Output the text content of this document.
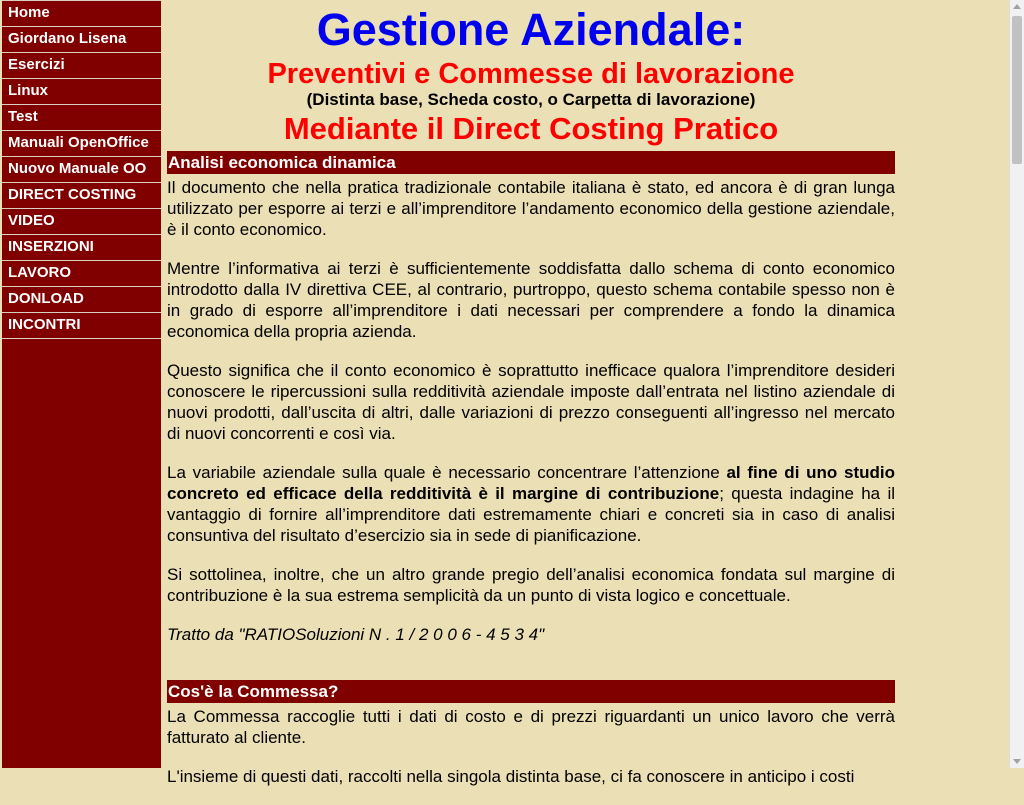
Home
Giordano Lisena
Esercizi
Linux
Test
Manuali OpenOffice
Nuovo Manuale OO
DIRECT COSTING
VIDEO
INSERZIONI
LAVORO
DONLOAD
INCONTRI
Gestione Aziendale:
Preventivi e Commesse di lavorazione
(Distinta base, Scheda costo, o Carpetta di lavorazione)
Mediante il Direct Costing Pratico
Analisi economica dinamica

Il documento che nella pratica tradizionale contabile italiana è stato, ed ancora è di gran lunga utilizzato per esporre ai terzi e all’imprenditore l’andamento economico della gestione aziendale, è il conto economico.

Mentre l’informativa ai terzi è sufficientemente soddisfatta dallo schema di conto economico introdotto dalla IV direttiva CEE, al contrario, purtroppo, questo schema contabile spesso non è in grado di esporre all’imprenditore i dati necessari per comprendere a fondo la dinamica economica della propria azienda.

Questo significa che il conto economico è soprattutto inefficace qualora l’imprenditore desideri conoscere le ripercussioni sulla redditività aziendale imposte dall’entrata nel listino aziendale di nuovi prodotti, dall’uscita di altri, dalle variazioni di prezzo conseguenti all’ingresso nel mercato di nuovi concorrenti e così via.

La variabile aziendale sulla quale è necessario concentrare l’attenzione al fine di uno studio concreto ed efficace della redditività è il margine di contribuzione; questa indagine ha il vantaggio di fornire all’imprenditore dati estremamente chiari e concreti sia in caso di analisi consuntiva del risultato d’esercizio sia in sede di pianificazione.

Si sottolinea, inoltre, che un altro grande pregio dell’analisi economica fondata sul margine di contribuzione è la sua estrema semplicità da un punto di vista logico e concettuale.

Tratto da "RATIOSoluzioni N . 1 / 2 0 0 6 - 4 5 3 4"

Cos'è la Commessa?

La Commessa raccoglie tutti i dati di costo e di prezzi riguardanti un unico lavoro che verrà fatturato al cliente.

L'insieme di questi dati, raccolti nella singola distinta base, ci fa conoscere in anticipo i costi
